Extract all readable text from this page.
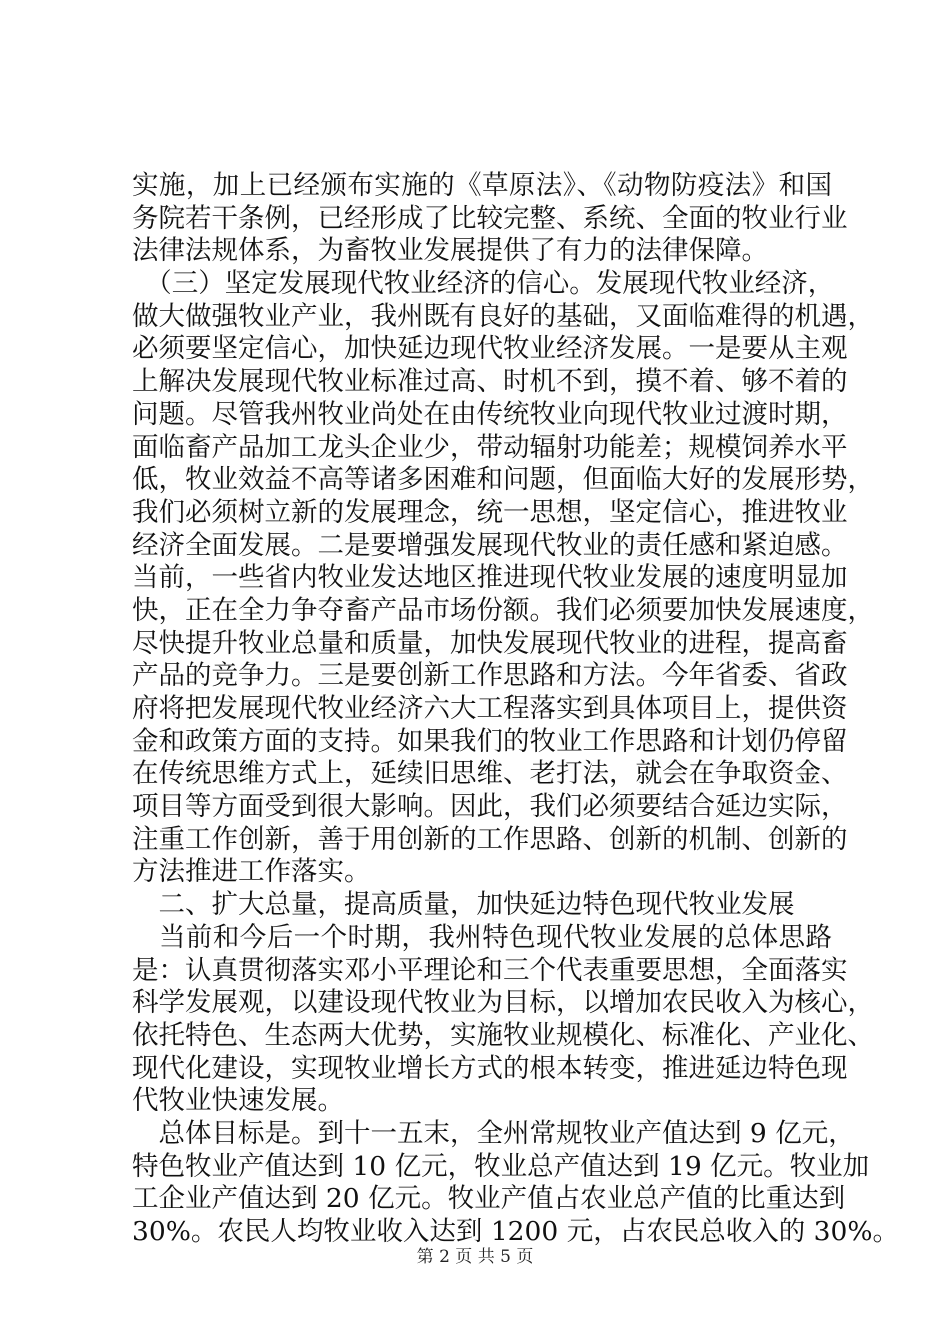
实施，加上已经颁布实施的《草原法》、《动物防疫法》和国
务院若干条例，已经形成了比较完整、系统、全面的牧业行业
法律法规体系，为畜牧业发展提供了有力的法律保障。
　（三）坚定发展现代牧业经济的信心。发展现代牧业经济，
做大做强牧业产业，我州既有良好的基础，又面临难得的机遇，
必须要坚定信心，加快延边现代牧业经济发展。一是要从主观
上解决发展现代牧业标准过高、时机不到，摸不着、够不着的
问题。尽管我州牧业尚处在由传统牧业向现代牧业过渡时期，
面临畜产品加工龙头企业少，带动辐射功能差；规模饲养水平
低，牧业效益不高等诸多困难和问题，但面临大好的发展形势，
我们必须树立新的发展理念，统一思想，坚定信心，推进牧业
经济全面发展。二是要增强发展现代牧业的责任感和紧迫感。
当前，一些省内牧业发达地区推进现代牧业发展的速度明显加
快，正在全力争夺畜产品市场份额。我们必须要加快发展速度，
尽快提升牧业总量和质量，加快发展现代牧业的进程，提高畜
产品的竞争力。三是要创新工作思路和方法。今年省委、省政
府将把发展现代牧业经济六大工程落实到具体项目上，提供资
金和政策方面的支持。如果我们的牧业工作思路和计划仍停留
在传统思维方式上，延续旧思维、老打法，就会在争取资金、
项目等方面受到很大影响。因此，我们必须要结合延边实际，
注重工作创新，善于用创新的工作思路、创新的机制、创新的
方法推进工作落实。
　二、扩大总量，提高质量，加快延边特色现代牧业发展
　当前和今后一个时期，我州特色现代牧业发展的总体思路
是：认真贯彻落实邓小平理论和三个代表重要思想，全面落实
科学发展观，以建设现代牧业为目标，以增加农民收入为核心，
依托特色、生态两大优势，实施牧业规模化、标准化、产业化、
现代化建设，实现牧业增长方式的根本转变，推进延边特色现
代牧业快速发展。
　总体目标是。到十一五末，全州常规牧业产值达到 9 亿元，
特色牧业产值达到 10 亿元，牧业总产值达到 19 亿元。牧业加
工企业产值达到 20 亿元。牧业产值占农业总产值的比重达到
30%。农民人均牧业收入达到 1200 元，占农民总收入的 30%。
第 2 页 共 5 页
